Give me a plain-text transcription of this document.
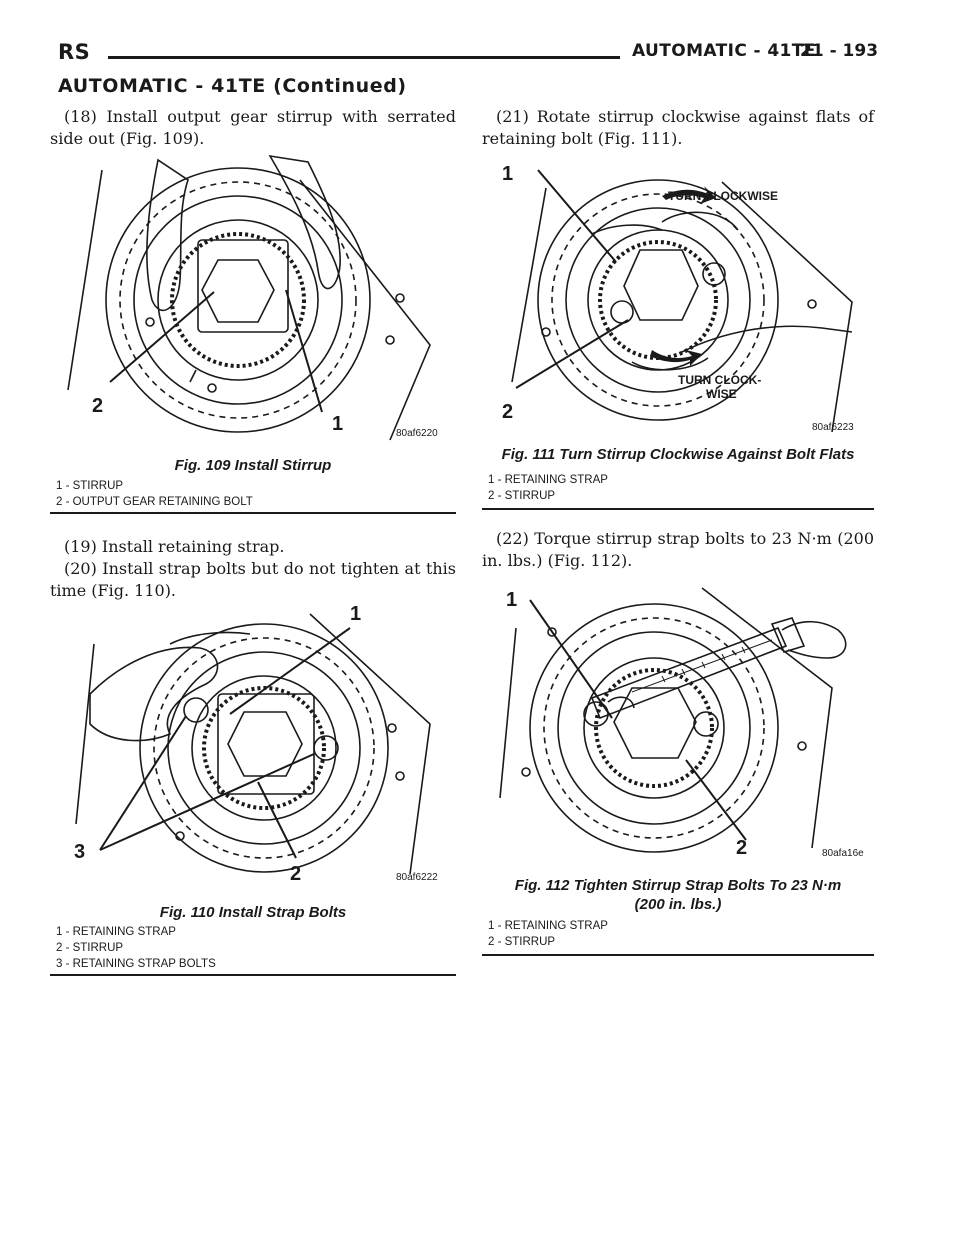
RS	AUTOMATIC - 41TE
21 - 193
AUTOMATIC - 41TE (Continued)

(18) Install output gear stirrup with serrated side out (Fig. 109).

2
1	80af6220
Fig. 109 Install Stirrup
1 - STIRRUP
2 - OUTPUT GEAR RETAINING BOLT

(19) Install retaining strap.

(20) Install strap bolts but do not tighten at this time (Fig. 110).

1
2
3
80af6222
Fig. 110 Install Strap Bolts
1 - RETAINING STRAP
2 - STIRRUP
3 - RETAINING STRAP BOLTS

(21) Rotate stirrup clockwise against flats of retaining bolt (Fig. 111).

1
2
TURN CLOCKWISE
TURN CLOCK-
WISE
80af6223
Fig. 111 Turn Stirrup Clockwise Against Bolt Flats
1 - RETAINING STRAP
2 - STIRRUP

(22) Torque stirrup strap bolts to 23 N·m (200 in. lbs.) (Fig. 112).

1
2	80afa16e
Fig. 112 Tighten Stirrup Strap Bolts To 23 N·m
(200 in. lbs.)
1 - RETAINING STRAP
2 - STIRRUP
